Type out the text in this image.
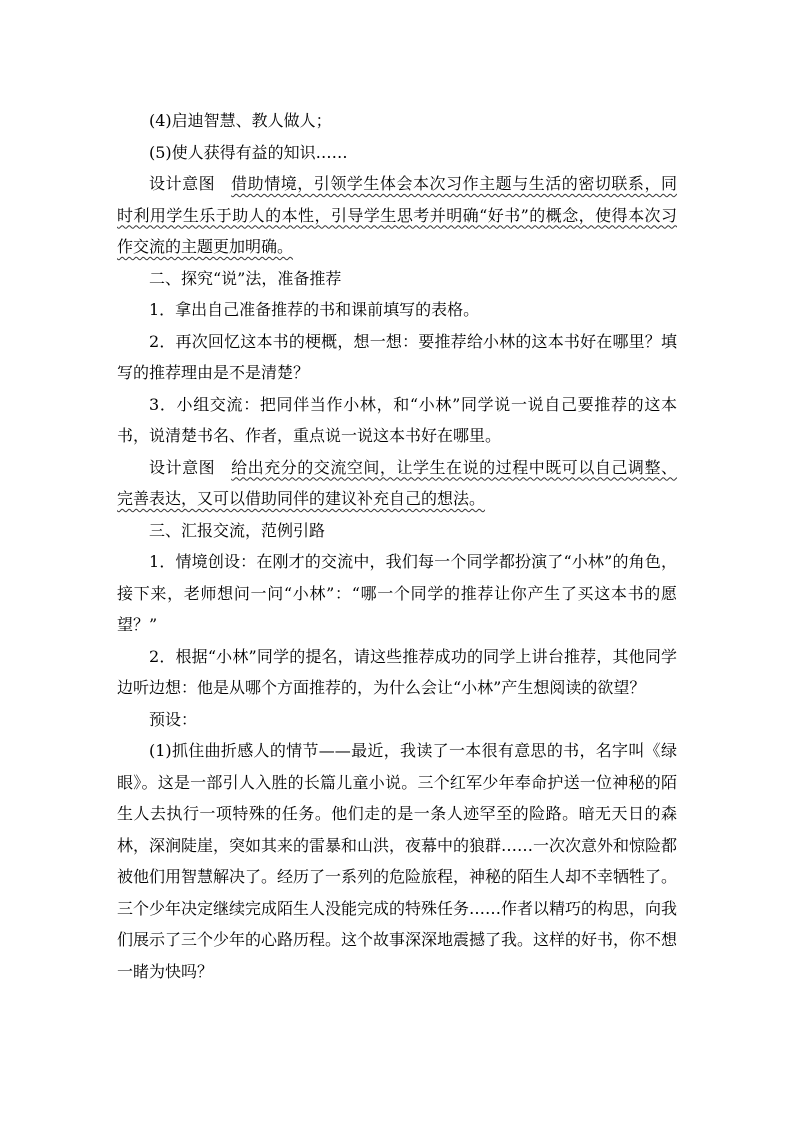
(4)启迪智慧、教人做人；

(5)使人获得有益的知识……

设计意图 借助情境，引领学生体会本次习作主题与生活的密切联系，同时利用学生乐于助人的本性，引导学生思考并明确“好书”的概念，使得本次习作交流的主题更加明确。

二、探究“说”法，准备推荐

1．拿出自己准备推荐的书和课前填写的表格。

2．再次回忆这本书的梗概，想一想：要推荐给小林的这本书好在哪里？填写的推荐理由是不是清楚？

3．小组交流：把同伴当作小林，和“小林”同学说一说自己要推荐的这本书，说清楚书名、作者，重点说一说这本书好在哪里。

设计意图 给出充分的交流空间，让学生在说的过程中既可以自己调整、完善表达，又可以借助同伴的建议补充自己的想法。

三、汇报交流，范例引路

1．情境创设：在刚才的交流中，我们每一个同学都扮演了“小林”的角色，接下来，老师想问一问“小林”：“哪一个同学的推荐让你产生了买这本书的愿望？”

2．根据“小林”同学的提名，请这些推荐成功的同学上讲台推荐，其他同学边听边想：他是从哪个方面推荐的，为什么会让“小林”产生想阅读的欲望？

预设：

(1)抓住曲折感人的情节——最近，我读了一本很有意思的书，名字叫《绿眼》。这是一部引人入胜的长篇儿童小说。三个红军少年奉命护送一位神秘的陌生人去执行一项特殊的任务。他们走的是一条人迹罕至的险路。暗无天日的森林，深涧陡崖，突如其来的雷暴和山洪，夜幕中的狼群……一次次意外和惊险都被他们用智慧解决了。经历了一系列的危险旅程，神秘的陌生人却不幸牺牲了。三个少年决定继续完成陌生人没能完成的特殊任务……作者以精巧的构思，向我们展示了三个少年的心路历程。这个故事深深地震撼了我。这样的好书，你不想一睹为快吗？
